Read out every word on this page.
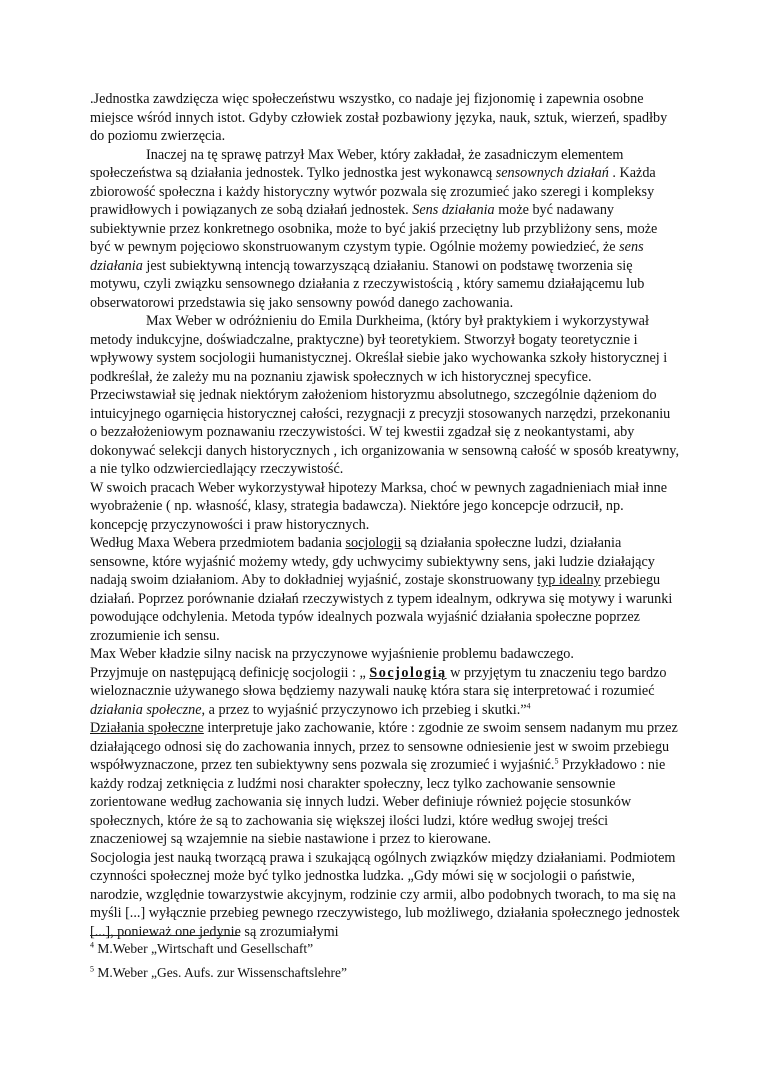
.Jednostka zawdzięcza więc społeczeństwu wszystko, co nadaje jej fizjonomię i zapewnia osobne miejsce wśród innych istot. Gdyby człowiek został pozbawiony języka, nauk, sztuk, wierzeń, spadłby do poziomu zwierzęcia.

Inaczej na tę sprawę patrzył Max Weber, który zakładał, że zasadniczym elementem społeczeństwa są działania jednostek. Tylko jednostka jest wykonawcą sensownych działań . Każda zbiorowość społeczna i każdy historyczny wytwór pozwala się zrozumieć jako szeregi i kompleksy prawidłowych i powiązanych ze sobą działań jednostek. Sens działania może być nadawany subiektywnie przez konkretnego osobnika, może to być jakiś przeciętny lub przybliżony sens, może być w pewnym pojęciowo skonstruowanym czystym typie. Ogólnie możemy powiedzieć, że sens działania jest subiektywną intencją towarzyszącą działaniu. Stanowi on podstawę tworzenia się motywu, czyli związku sensownego działania z rzeczywistością , który samemu działającemu lub obserwatorowi przedstawia się jako sensowny powód danego zachowania.

Max Weber w odróżnieniu do Emila Durkheima, (który był praktykiem i wykorzystywał metody indukcyjne, doświadczalne, praktyczne) był teoretykiem. Stworzył bogaty teoretycznie i wpływowy system socjologii humanistycznej. Określał siebie jako wychowanka szkoły historycznej i podkreślał, że zależy mu na poznaniu zjawisk społecznych w ich historycznej specyfice. Przeciwstawiał się jednak niektórym założeniom historyzmu absolutnego, szczególnie dążeniom do intuicyjnego ogarnięcia historycznej całości, rezygnacji z precyzji stosowanych narzędzi, przekonaniu o bezzałożeniowym poznawaniu rzeczywistości. W tej kwestii zgadzał się z neokantystami, aby dokonywać selekcji danych historycznych , ich organizowania w sensowną całość w sposób kreatywny, a nie tylko odzwierciedlający rzeczywistość.

W swoich pracach Weber wykorzystywał hipotezy Marksa, choć w pewnych zagadnieniach miał inne wyobrażenie ( np. własność, klasy, strategia badawcza). Niektóre jego koncepcje odrzucił, np. koncepcję przyczynowości i praw historycznych.

Według Maxa Webera przedmiotem badania socjologii są działania społeczne ludzi, działania sensowne, które wyjaśnić możemy wtedy, gdy uchwycimy subiektywny sens, jaki ludzie działający nadają swoim działaniom. Aby to dokładniej wyjaśnić, zostaje skonstruowany typ idealny przebiegu działań. Poprzez porównanie działań rzeczywistych z typem idealnym, odkrywa się motywy i warunki powodujące odchylenia. Metoda typów idealnych pozwala wyjaśnić działania społeczne poprzez zrozumienie ich sensu.

Max Weber kładzie silny nacisk na przyczynowe wyjaśnienie problemu badawczego.

Przyjmuje on następującą definicję socjologii : „ Socjologią w przyjętym tu znaczeniu tego bardzo wieloznacznie używanego słowa będziemy nazywali naukę która stara się interpretować i rozumieć działania społeczne, a przez to wyjaśnić przyczynowo ich przebieg i skutki.”$^4$

Działania społeczne interpretuje jako zachowanie, które : zgodnie ze swoim sensem nadanym mu przez działającego odnosi się do zachowania innych, przez to sensowne odniesienie jest w swoim przebiegu współwyznaczone, przez ten subiektywny sens pozwala się zrozumieć i wyjaśnić.$^5$ Przykładowo : nie każdy rodzaj zetknięcia z ludźmi nosi charakter społeczny, lecz tylko zachowanie sensownie zorientowane według zachowania się innych ludzi. Weber definiuje również pojęcie stosunków społecznych, które że są to zachowania się większej ilości ludzi, które według swojej treści znaczeniowej są wzajemnie na siebie nastawione i przez to kierowane.

Socjologia jest nauką tworzącą prawa i szukającą ogólnych związków między działaniami. Podmiotem czynności społecznej może być tylko jednostka ludzka. „Gdy mówi się w socjologii o państwie, narodzie, względnie towarzystwie akcyjnym, rodzinie czy armii, albo podobnych tworach, to ma się na myśli [...] wyłącznie przebieg pewnego rzeczywistego, lub możliwego, działania społecznego jednostek [...], ponieważ one jedynie są zrozumiałymi

$^4$ M.Weber „Wirtschaft und Gesellschaft”

$^5$ M.Weber „Ges. Aufs. zur Wissenschaftslehre”
